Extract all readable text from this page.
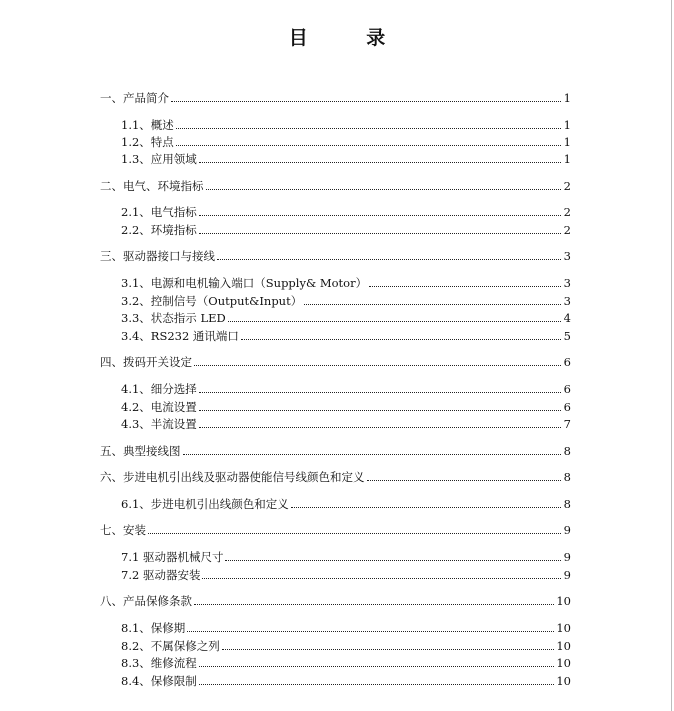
目 录
一、产品简介	1
1.1、概述	1
1.2、特点	1
1.3、应用领域	1
二、电气、环境指标	2
2.1、电气指标	2
2.2、环境指标	2
三、驱动器接口与接线	3
3.1、电源和电机输入端口（Supply& Motor）	3
3.2、控制信号（Output&Input）	3
3.3、状态指示 LED	4
3.4、RS232 通讯端口	5
四、拨码开关设定	6
4.1、细分选择	6
4.2、电流设置	6
4.3、半流设置	7
五、典型接线图	8
六、步进电机引出线及驱动器使能信号线颜色和定义	8
6.1、步进电机引出线颜色和定义	8
七、安装	9
7.1 驱动器机械尺寸	9
7.2 驱动器安装	9
八、产品保修条款	10
8.1、保修期	10
8.2、不属保修之列	10
8.3、维修流程	10
8.4、保修限制	10
